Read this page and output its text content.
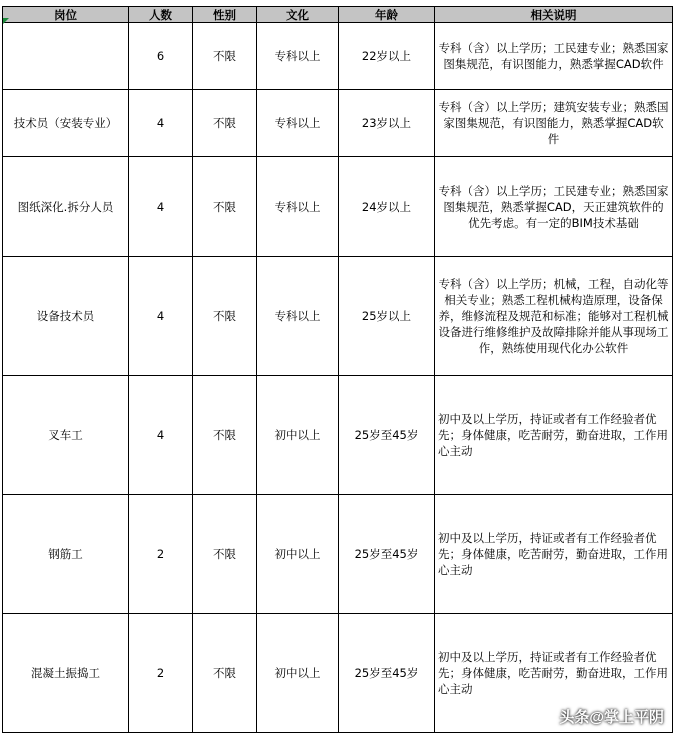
岗位	人数	性别	文化	年龄	相关说明
	6	不限	专科以上	22岁以上	专科（含）以上学历；工民建专业；熟悉国家图集规范，有识图能力，熟悉掌握CAD软件
技术员（安装专业）	4	不限	专科以上	23岁以上	专科（含）以上学历；建筑安装专业；熟悉国家图集规范，有识图能力，熟悉掌握CAD软件
图纸深化.拆分人员	4	不限	专科以上	24岁以上	专科（含）以上学历；工民建专业；熟悉国家图集规范，熟悉掌握CAD，天正建筑软件的优先考虑。有一定的BIM技术基础
设备技术员	4	不限	专科以上	25岁以上	专科（含）以上学历；机械，工程，自动化等相关专业；熟悉工程机械构造原理，设备保养，维修流程及规范和标准；能够对工程机械设备进行维修维护及故障排除并能从事现场工作，熟练使用现代化办公软件
叉车工	4	不限	初中以上	25岁至45岁	初中及以上学历，持证或者有工作经验者优先；身体健康，吃苦耐劳，勤奋进取，工作用心主动
钢筋工	2	不限	初中以上	25岁至45岁	初中及以上学历，持证或者有工作经验者优先；身体健康，吃苦耐劳，勤奋进取，工作用心主动
混凝土振捣工	2	不限	初中以上	25岁至45岁	初中及以上学历，持证或者有工作经验者优先；身体健康，吃苦耐劳，勤奋进取，工作用心主动
头条@掌上平阴
